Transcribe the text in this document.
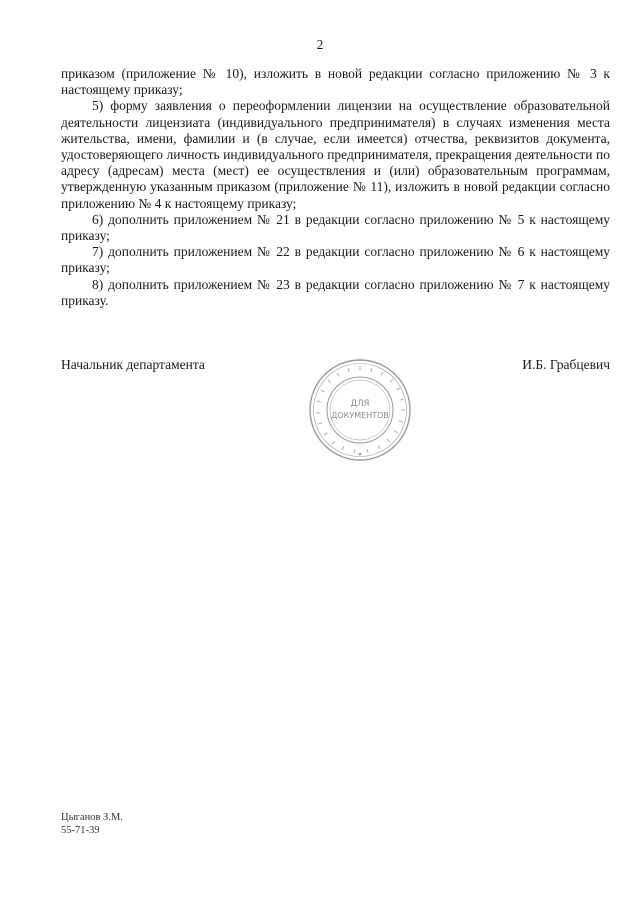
2

приказом (приложение № 10), изложить в новой редакции согласно приложению № 3 к настоящему приказу;

5) форму заявления о переоформлении лицензии на осуществление образовательной деятельности лицензиата (индивидуального предпринимателя) в случаях изменения места жительства, имени, фамилии и (в случае, если имеется) отчества, реквизитов документа, удостоверяющего личность индивидуального предпринимателя, прекращения деятельности по адресу (адресам) места (мест) ее осуществления и (или) образовательным программам, утвержденную указанным приказом (приложение № 11), изложить в новой редакции согласно приложению № 4 к настоящему приказу;

6) дополнить приложением № 21 в редакции согласно приложению № 5 к настоящему приказу;

7) дополнить приложением № 22 в редакции согласно приложению № 6 к настоящему приказу;

8) дополнить приложением № 23 в редакции согласно приложению № 7 к настоящему приказу.

Начальник департамента	И.Б. Грабцевич
ДЛЯ
ДОКУМЕНТОВ
Цыганов З.М.
55-71-39
